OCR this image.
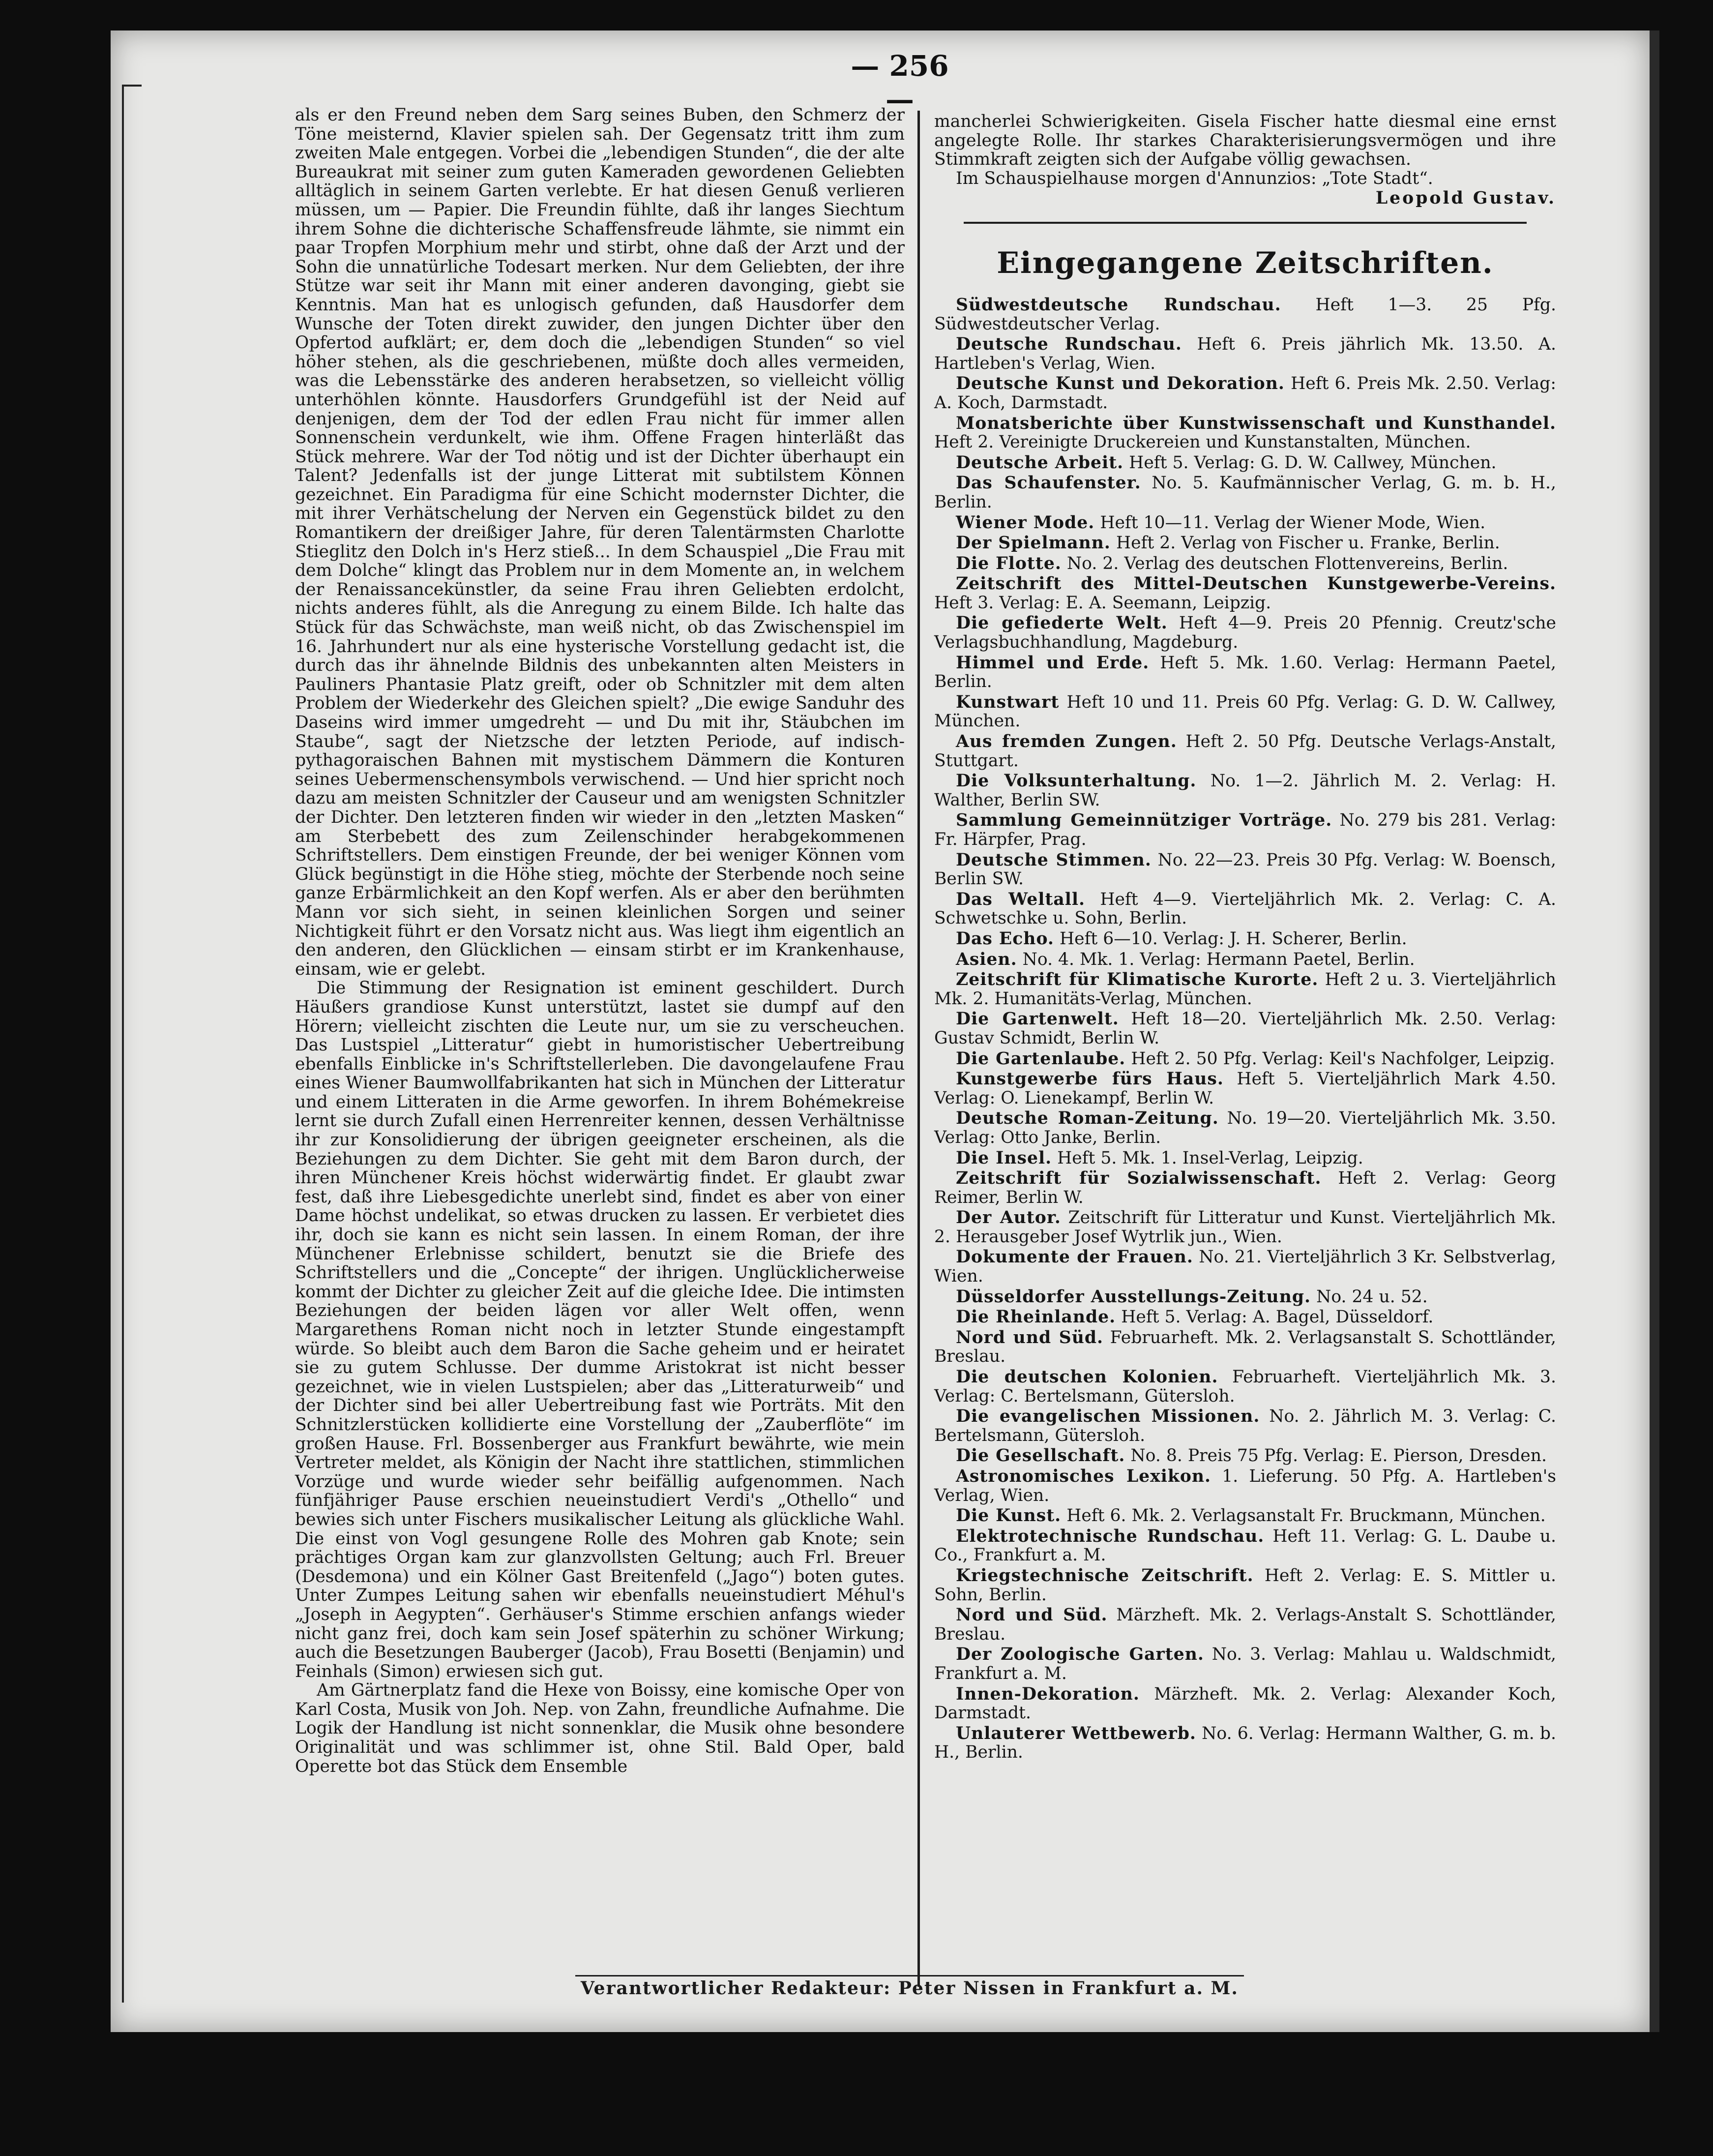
— 256 —

als er den Freund neben dem Sarg seines Buben, den Schmerz der Töne meisternd, Klavier spielen sah. Der Gegensatz tritt ihm zum zweiten Male entgegen. Vorbei die „lebendigen Stunden“, die der alte Bureaukrat mit seiner zum guten Kameraden gewordenen Geliebten alltäglich in seinem Garten verlebte. Er hat diesen Genuß verlieren müssen, um — Papier. Die Freundin fühlte, daß ihr langes Siechtum ihrem Sohne die dichterische Schaffensfreude lähmte, sie nimmt ein paar Tropfen Morphium mehr und stirbt, ohne daß der Arzt und der Sohn die unnatürliche Todesart merken. Nur dem Geliebten, der ihre Stütze war seit ihr Mann mit einer anderen davonging, giebt sie Kenntnis. Man hat es unlogisch gefunden, daß Hausdorfer dem Wunsche der Toten direkt zuwider, den jungen Dichter über den Opfertod aufklärt; er, dem doch die „lebendigen Stunden“ so viel höher stehen, als die geschriebenen, müßte doch alles vermeiden, was die Lebensstärke des anderen herabsetzen, so vielleicht völlig unterhöhlen könnte. Hausdorfers Grundgefühl ist der Neid auf denjenigen, dem der Tod der edlen Frau nicht für immer allen Sonnenschein verdunkelt, wie ihm. Offene Fragen hinterläßt das Stück mehrere. War der Tod nötig und ist der Dichter überhaupt ein Talent? Jedenfalls ist der junge Litterat mit subtilstem Können gezeichnet. Ein Paradigma für eine Schicht modernster Dichter, die mit ihrer Verhätschelung der Nerven ein Gegenstück bildet zu den Romantikern der dreißiger Jahre, für deren Talentärmsten Charlotte Stieglitz den Dolch in's Herz stieß... In dem Schauspiel „Die Frau mit dem Dolche“ klingt das Problem nur in dem Momente an, in welchem der Renaissancekünstler, da seine Frau ihren Geliebten erdolcht, nichts anderes fühlt, als die Anregung zu einem Bilde. Ich halte das Stück für das Schwächste, man weiß nicht, ob das Zwischenspiel im 16. Jahrhundert nur als eine hysterische Vorstellung gedacht ist, die durch das ihr ähnelnde Bildnis des unbekannten alten Meisters in Pauliners Phantasie Platz greift, oder ob Schnitzler mit dem alten Problem der Wiederkehr des Gleichen spielt? „Die ewige Sanduhr des Daseins wird immer umgedreht — und Du mit ihr, Stäubchen im Staube“, sagt der Nietzsche der letzten Periode, auf indisch-pythagoraischen Bahnen mit mystischem Dämmern die Konturen seines Uebermenschensymbols verwischend. — Und hier spricht noch dazu am meisten Schnitzler der Causeur und am wenigsten Schnitzler der Dichter. Den letzteren finden wir wieder in den „letzten Masken“ am Sterbebett des zum Zeilenschinder herabgekommenen Schriftstellers. Dem einstigen Freunde, der bei weniger Können vom Glück begünstigt in die Höhe stieg, möchte der Sterbende noch seine ganze Erbärmlichkeit an den Kopf werfen. Als er aber den berühmten Mann vor sich sieht, in seinen kleinlichen Sorgen und seiner Nichtigkeit führt er den Vorsatz nicht aus. Was liegt ihm eigentlich an den anderen, den Glücklichen — einsam stirbt er im Krankenhause, einsam, wie er gelebt.

Die Stimmung der Resignation ist eminent geschildert. Durch Häußers grandiose Kunst unterstützt, lastet sie dumpf auf den Hörern; vielleicht zischten die Leute nur, um sie zu verscheuchen. Das Lustspiel „Litteratur“ giebt in humoristischer Uebertreibung ebenfalls Einblicke in's Schriftstellerleben. Die davongelaufene Frau eines Wiener Baumwollfabrikanten hat sich in München der Litteratur und einem Litteraten in die Arme geworfen. In ihrem Bohémekreise lernt sie durch Zufall einen Herrenreiter kennen, dessen Verhältnisse ihr zur Konsolidierung der übrigen geeigneter erscheinen, als die Beziehungen zu dem Dichter. Sie geht mit dem Baron durch, der ihren Münchener Kreis höchst widerwärtig findet. Er glaubt zwar fest, daß ihre Liebesgedichte unerlebt sind, findet es aber von einer Dame höchst undelikat, so etwas drucken zu lassen. Er verbietet dies ihr, doch sie kann es nicht sein lassen. In einem Roman, der ihre Münchener Erlebnisse schildert, benutzt sie die Briefe des Schriftstellers und die „Concepte“ der ihrigen. Unglücklicherweise kommt der Dichter zu gleicher Zeit auf die gleiche Idee. Die intimsten Beziehungen der beiden lägen vor aller Welt offen, wenn Margarethens Roman nicht noch in letzter Stunde eingestampft würde. So bleibt auch dem Baron die Sache geheim und er heiratet sie zu gutem Schlusse. Der dumme Aristokrat ist nicht besser gezeichnet, wie in vielen Lustspielen; aber das „Litteraturweib“ und der Dichter sind bei aller Uebertreibung fast wie Porträts. Mit den Schnitzlerstücken kollidierte eine Vorstellung der „Zauberflöte“ im großen Hause. Frl. Bossenberger aus Frankfurt bewährte, wie mein Vertreter meldet, als Königin der Nacht ihre stattlichen, stimmlichen Vorzüge und wurde wieder sehr beifällig aufgenommen. Nach fünfjähriger Pause erschien neueinstudiert Verdi's „Othello“ und bewies sich unter Fischers musikalischer Leitung als glückliche Wahl. Die einst von Vogl gesungene Rolle des Mohren gab Knote; sein prächtiges Organ kam zur glanzvollsten Geltung; auch Frl. Breuer (Desdemona) und ein Kölner Gast Breitenfeld („Jago“) boten gutes. Unter Zumpes Leitung sahen wir ebenfalls neueinstudiert Méhul's „Joseph in Aegypten“. Gerhäuser's Stimme erschien anfangs wieder nicht ganz frei, doch kam sein Josef späterhin zu schöner Wirkung; auch die Besetzungen Bauberger (Jacob), Frau Bosetti (Benjamin) und Feinhals (Simon) erwiesen sich gut.

Am Gärtnerplatz fand die Hexe von Boissy, eine komische Oper von Karl Costa, Musik von Joh. Nep. von Zahn, freundliche Aufnahme. Die Logik der Handlung ist nicht sonnenklar, die Musik ohne besondere Originalität und was schlimmer ist, ohne Stil. Bald Oper, bald Operette bot das Stück dem Ensemble

mancherlei Schwierigkeiten. Gisela Fischer hatte diesmal eine ernst angelegte Rolle. Ihr starkes Charakterisierungsvermögen und ihre Stimmkraft zeigten sich der Aufgabe völlig gewachsen.

Im Schauspielhause morgen d'Annunzios: „Tote Stadt“.

Leopold Gustav.

Eingegangene Zeitschriften.
Südwestdeutsche Rundschau. Heft 1—3. 25 Pfg. Südwestdeutscher Verlag.
Deutsche Rundschau. Heft 6. Preis jährlich Mk. 13.50. A. Hartleben's Verlag, Wien.
Deutsche Kunst und Dekoration. Heft 6. Preis Mk. 2.50. Verlag: A. Koch, Darmstadt.
Monatsberichte über Kunstwissenschaft und Kunsthandel. Heft 2. Vereinigte Druckereien und Kunstanstalten, München.
Deutsche Arbeit. Heft 5. Verlag: G. D. W. Callwey, München.
Das Schaufenster. No. 5. Kaufmännischer Verlag, G. m. b. H., Berlin.
Wiener Mode. Heft 10—11. Verlag der Wiener Mode, Wien.
Der Spielmann. Heft 2. Verlag von Fischer u. Franke, Berlin.
Die Flotte. No. 2. Verlag des deutschen Flottenvereins, Berlin.
Zeitschrift des Mittel-Deutschen Kunstgewerbe-Vereins. Heft 3. Verlag: E. A. Seemann, Leipzig.
Die gefiederte Welt. Heft 4—9. Preis 20 Pfennig. Creutz'sche Verlagsbuchhandlung, Magdeburg.
Himmel und Erde. Heft 5. Mk. 1.60. Verlag: Hermann Paetel, Berlin.
Kunstwart Heft 10 und 11. Preis 60 Pfg. Verlag: G. D. W. Callwey, München.
Aus fremden Zungen. Heft 2. 50 Pfg. Deutsche Verlags-Anstalt, Stuttgart.
Die Volksunterhaltung. No. 1—2. Jährlich M. 2. Verlag: H. Walther, Berlin SW.
Sammlung Gemeinnütziger Vorträge. No. 279 bis 281. Verlag: Fr. Härpfer, Prag.
Deutsche Stimmen. No. 22—23. Preis 30 Pfg. Verlag: W. Boensch, Berlin SW.
Das Weltall. Heft 4—9. Vierteljährlich Mk. 2. Verlag: C. A. Schwetschke u. Sohn, Berlin.
Das Echo. Heft 6—10. Verlag: J. H. Scherer, Berlin.
Asien. No. 4. Mk. 1. Verlag: Hermann Paetel, Berlin.
Zeitschrift für Klimatische Kurorte. Heft 2 u. 3. Vierteljährlich Mk. 2. Humanitäts-Verlag, München.
Die Gartenwelt. Heft 18—20. Vierteljährlich Mk. 2.50. Verlag: Gustav Schmidt, Berlin W.
Die Gartenlaube. Heft 2. 50 Pfg. Verlag: Keil's Nachfolger, Leipzig.
Kunstgewerbe fürs Haus. Heft 5. Vierteljährlich Mark 4.50. Verlag: O. Lienekampf, Berlin W.
Deutsche Roman-Zeitung. No. 19—20. Vierteljährlich Mk. 3.50. Verlag: Otto Janke, Berlin.
Die Insel. Heft 5. Mk. 1. Insel-Verlag, Leipzig.
Zeitschrift für Sozialwissenschaft. Heft 2. Verlag: Georg Reimer, Berlin W.
Der Autor. Zeitschrift für Litteratur und Kunst. Vierteljährlich Mk. 2. Herausgeber Josef Wytrlik jun., Wien.
Dokumente der Frauen. No. 21. Vierteljährlich 3 Kr. Selbstverlag, Wien.
Düsseldorfer Ausstellungs-Zeitung. No. 24 u. 52.
Die Rheinlande. Heft 5. Verlag: A. Bagel, Düsseldorf.
Nord und Süd. Februarheft. Mk. 2. Verlagsanstalt S. Schottländer, Breslau.
Die deutschen Kolonien. Februarheft. Vierteljährlich Mk. 3. Verlag: C. Bertelsmann, Gütersloh.
Die evangelischen Missionen. No. 2. Jährlich M. 3. Verlag: C. Bertelsmann, Gütersloh.
Die Gesellschaft. No. 8. Preis 75 Pfg. Verlag: E. Pierson, Dresden.
Astronomisches Lexikon. 1. Lieferung. 50 Pfg. A. Hartleben's Verlag, Wien.
Die Kunst. Heft 6. Mk. 2. Verlagsanstalt Fr. Bruckmann, München.
Elektrotechnische Rundschau. Heft 11. Verlag: G. L. Daube u. Co., Frankfurt a. M.
Kriegstechnische Zeitschrift. Heft 2. Verlag: E. S. Mittler u. Sohn, Berlin.
Nord und Süd. Märzheft. Mk. 2. Verlags-Anstalt S. Schottländer, Breslau.
Der Zoologische Garten. No. 3. Verlag: Mahlau u. Waldschmidt, Frankfurt a. M.
Innen-Dekoration. Märzheft. Mk. 2. Verlag: Alexander Koch, Darmstadt.
Unlauterer Wettbewerb. No. 6. Verlag: Hermann Walther, G. m. b. H., Berlin.
Verantwortlicher Redakteur: Peter Nissen in Frankfurt a. M.
